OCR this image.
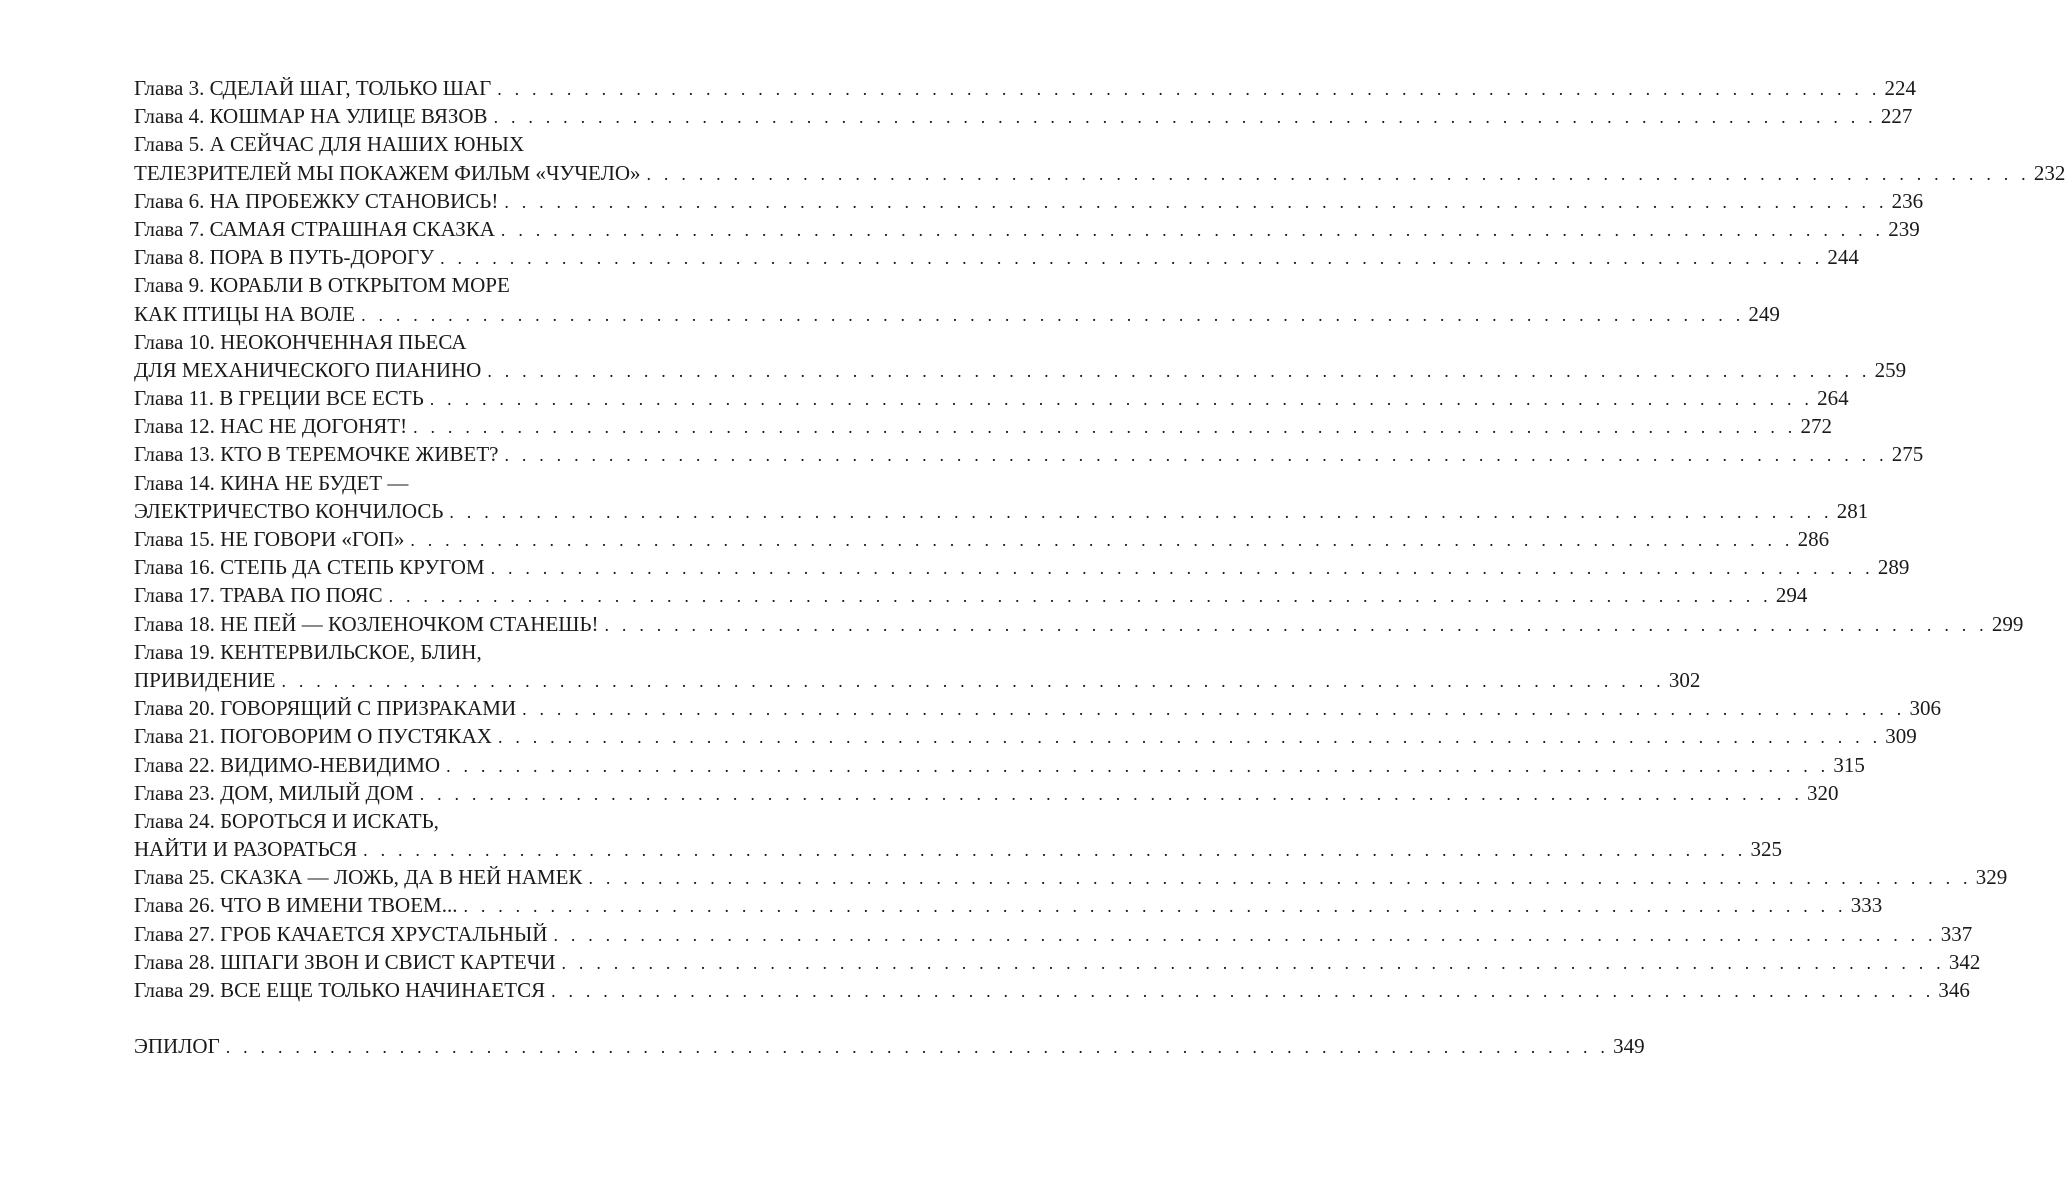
Глава 3. СДЕЛАЙ ШАГ, ТОЛЬКО ШАГ . . . . . . . . . . . . . . . . . . . . . . . . . . . . . . . . . . . . . . . . . . . . . . . . . . . . . . . . . . . . . . . . . . . . . . . . . . . . . . . . 224
Глава 4. КОШМАР НА УЛИЦЕ ВЯЗОВ . . . . . . . . . . . . . . . . . . . . . . . . . . . . . . . . . . . . . . . . . . . . . . . . . . . . . . . . . . . . . . . . . . . . . . . . . . . . . . . . 227
Глава 5. А СЕЙЧАС ДЛЯ НАШИХ ЮНЫХ
ТЕЛЕЗРИТЕЛЕЙ МЫ ПОКАЖЕМ ФИЛЬМ «ЧУЧЕЛО» . . . . . . . . . . . . . . . . . . . . . . . . . . . . . . . . . . . . . . . . . . . . . . . . . . . . . . . . . . . . . . . . . . . . . . . . . . . . . . . . 232
Глава 6. НА ПРОБЕЖКУ СТАНОВИСЬ! . . . . . . . . . . . . . . . . . . . . . . . . . . . . . . . . . . . . . . . . . . . . . . . . . . . . . . . . . . . . . . . . . . . . . . . . . . . . . . . . 236
Глава 7. САМАЯ СТРАШНАЯ СКАЗКА . . . . . . . . . . . . . . . . . . . . . . . . . . . . . . . . . . . . . . . . . . . . . . . . . . . . . . . . . . . . . . . . . . . . . . . . . . . . . . . . 239
Глава 8. ПОРА В ПУТЬ-ДОРОГУ . . . . . . . . . . . . . . . . . . . . . . . . . . . . . . . . . . . . . . . . . . . . . . . . . . . . . . . . . . . . . . . . . . . . . . . . . . . . . . . . 244
Глава 9. КОРАБЛИ В ОТКРЫТОМ МОРЕ
КАК ПТИЦЫ НА ВОЛЕ . . . . . . . . . . . . . . . . . . . . . . . . . . . . . . . . . . . . . . . . . . . . . . . . . . . . . . . . . . . . . . . . . . . . . . . . . . . . . . . . 249
Глава 10. НЕОКОНЧЕННАЯ ПЬЕСА
ДЛЯ МЕХАНИЧЕСКОГО ПИАНИНО . . . . . . . . . . . . . . . . . . . . . . . . . . . . . . . . . . . . . . . . . . . . . . . . . . . . . . . . . . . . . . . . . . . . . . . . . . . . . . . . 259
Глава 11. В ГРЕЦИИ ВСЕ ЕСТЬ . . . . . . . . . . . . . . . . . . . . . . . . . . . . . . . . . . . . . . . . . . . . . . . . . . . . . . . . . . . . . . . . . . . . . . . . . . . . . . . . 264
Глава 12. НАС НЕ ДОГОНЯТ! . . . . . . . . . . . . . . . . . . . . . . . . . . . . . . . . . . . . . . . . . . . . . . . . . . . . . . . . . . . . . . . . . . . . . . . . . . . . . . . . 272
Глава 13. КТО В ТЕРЕМОЧКЕ ЖИВЕТ? . . . . . . . . . . . . . . . . . . . . . . . . . . . . . . . . . . . . . . . . . . . . . . . . . . . . . . . . . . . . . . . . . . . . . . . . . . . . . . . . 275
Глава 14. КИНА НЕ БУДЕТ —
ЭЛЕКТРИЧЕСТВО КОНЧИЛОСЬ . . . . . . . . . . . . . . . . . . . . . . . . . . . . . . . . . . . . . . . . . . . . . . . . . . . . . . . . . . . . . . . . . . . . . . . . . . . . . . . . 281
Глава 15. НЕ ГОВОРИ «ГОП» . . . . . . . . . . . . . . . . . . . . . . . . . . . . . . . . . . . . . . . . . . . . . . . . . . . . . . . . . . . . . . . . . . . . . . . . . . . . . . . . 286
Глава 16. СТЕПЬ ДА СТЕПЬ КРУГОМ . . . . . . . . . . . . . . . . . . . . . . . . . . . . . . . . . . . . . . . . . . . . . . . . . . . . . . . . . . . . . . . . . . . . . . . . . . . . . . . . 289
Глава 17. ТРАВА ПО ПОЯС . . . . . . . . . . . . . . . . . . . . . . . . . . . . . . . . . . . . . . . . . . . . . . . . . . . . . . . . . . . . . . . . . . . . . . . . . . . . . . . . 294
Глава 18. НЕ ПЕЙ — КОЗЛЕНОЧКОМ СТАНЕШЬ! . . . . . . . . . . . . . . . . . . . . . . . . . . . . . . . . . . . . . . . . . . . . . . . . . . . . . . . . . . . . . . . . . . . . . . . . . . . . . . . . 299
Глава 19. КЕНТЕРВИЛЬСКОЕ, БЛИН,
ПРИВИДЕНИЕ . . . . . . . . . . . . . . . . . . . . . . . . . . . . . . . . . . . . . . . . . . . . . . . . . . . . . . . . . . . . . . . . . . . . . . . . . . . . . . . . 302
Глава 20. ГОВОРЯЩИЙ С ПРИЗРАКАМИ . . . . . . . . . . . . . . . . . . . . . . . . . . . . . . . . . . . . . . . . . . . . . . . . . . . . . . . . . . . . . . . . . . . . . . . . . . . . . . . . 306
Глава 21. ПОГОВОРИМ О ПУСТЯКАХ . . . . . . . . . . . . . . . . . . . . . . . . . . . . . . . . . . . . . . . . . . . . . . . . . . . . . . . . . . . . . . . . . . . . . . . . . . . . . . . . 309
Глава 22. ВИДИМО-НЕВИДИМО . . . . . . . . . . . . . . . . . . . . . . . . . . . . . . . . . . . . . . . . . . . . . . . . . . . . . . . . . . . . . . . . . . . . . . . . . . . . . . . . 315
Глава 23. ДОМ, МИЛЫЙ ДОМ . . . . . . . . . . . . . . . . . . . . . . . . . . . . . . . . . . . . . . . . . . . . . . . . . . . . . . . . . . . . . . . . . . . . . . . . . . . . . . . . 320
Глава 24. БОРОТЬСЯ И ИСКАТЬ,
НАЙТИ И РАЗОРАТЬСЯ . . . . . . . . . . . . . . . . . . . . . . . . . . . . . . . . . . . . . . . . . . . . . . . . . . . . . . . . . . . . . . . . . . . . . . . . . . . . . . . . 325
Глава 25. СКАЗКА — ЛОЖЬ, ДА В НЕЙ НАМЕК . . . . . . . . . . . . . . . . . . . . . . . . . . . . . . . . . . . . . . . . . . . . . . . . . . . . . . . . . . . . . . . . . . . . . . . . . . . . . . . . 329
Глава 26. ЧТО В ИМЕНИ ТВОЕМ... . . . . . . . . . . . . . . . . . . . . . . . . . . . . . . . . . . . . . . . . . . . . . . . . . . . . . . . . . . . . . . . . . . . . . . . . . . . . . . . . 333
Глава 27. ГРОБ КАЧАЕТСЯ ХРУСТАЛЬНЫЙ . . . . . . . . . . . . . . . . . . . . . . . . . . . . . . . . . . . . . . . . . . . . . . . . . . . . . . . . . . . . . . . . . . . . . . . . . . . . . . . . 337
Глава 28. ШПАГИ ЗВОН И СВИСТ КАРТЕЧИ . . . . . . . . . . . . . . . . . . . . . . . . . . . . . . . . . . . . . . . . . . . . . . . . . . . . . . . . . . . . . . . . . . . . . . . . . . . . . . . . 342
Глава 29. ВСЕ ЕЩЕ ТОЛЬКО НАЧИНАЕТСЯ . . . . . . . . . . . . . . . . . . . . . . . . . . . . . . . . . . . . . . . . . . . . . . . . . . . . . . . . . . . . . . . . . . . . . . . . . . . . . . . . 346
ЭПИЛОГ . . . . . . . . . . . . . . . . . . . . . . . . . . . . . . . . . . . . . . . . . . . . . . . . . . . . . . . . . . . . . . . . . . . . . . . . . . . . . . . . 349
